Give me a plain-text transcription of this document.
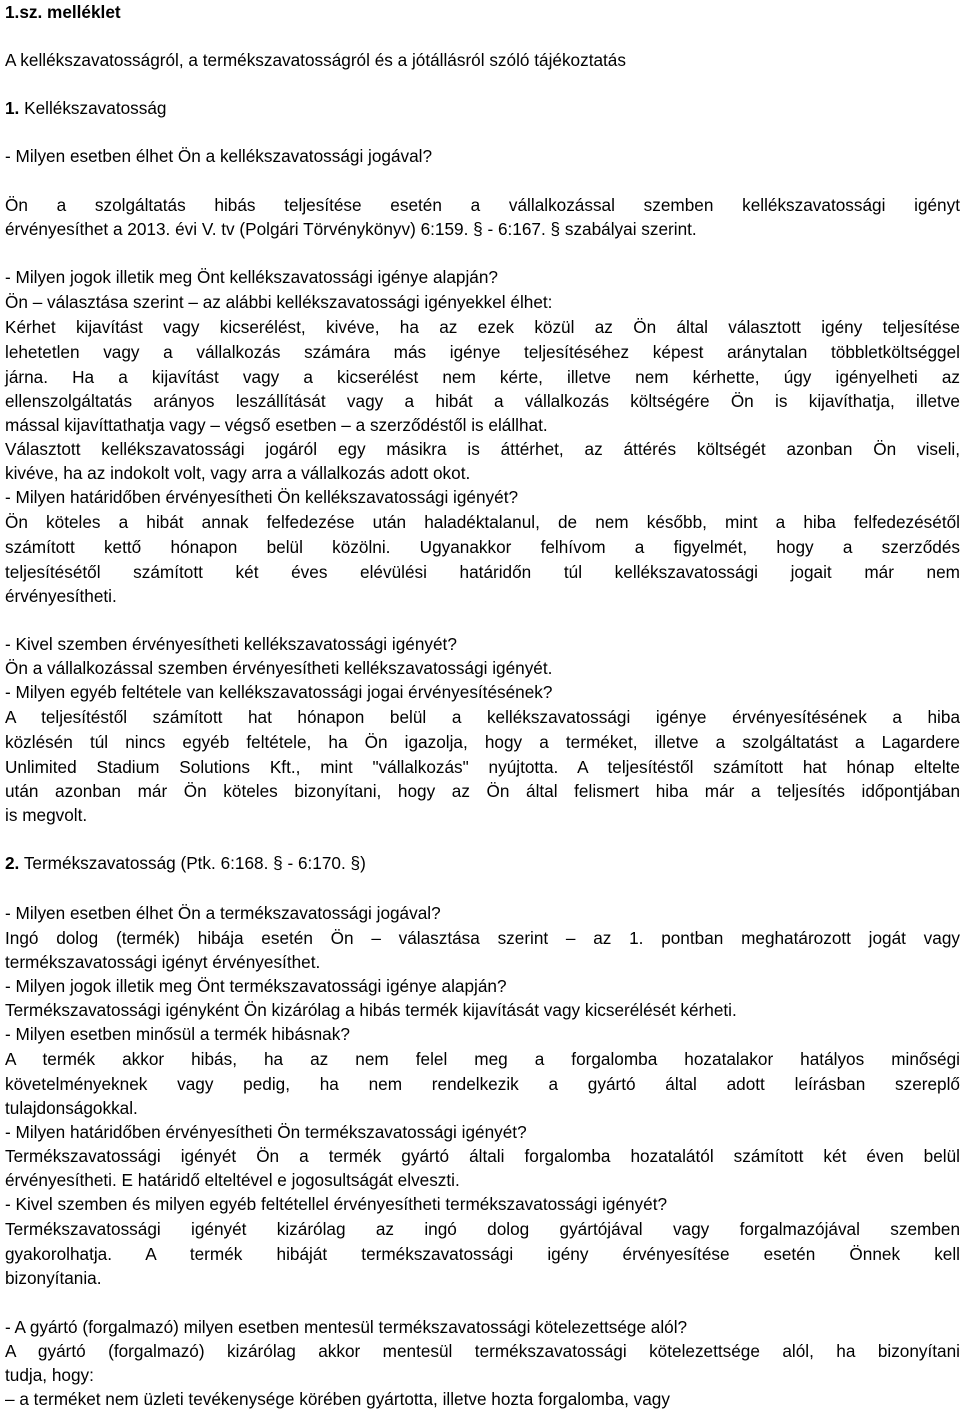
1.sz. melléklet
A kellékszavatosságról, a termékszavatosságról és a jótállásról szóló tájékoztatás
1. Kellékszavatosság
- Milyen esetben élhet Ön a kellékszavatossági jogával?
Ön a szolgáltatás hibás teljesítése esetén a vállalkozással szemben kellékszavatossági igényt
érvényesíthet a 2013. évi V. tv (Polgári Törvénykönyv) 6:159. § - 6:167. § szabályai szerint.
- Milyen jogok illetik meg Önt kellékszavatossági igénye alapján?
Ön – választása szerint – az alábbi kellékszavatossági igényekkel élhet:
Kérhet kijavítást vagy kicserélést, kivéve, ha az ezek közül az Ön által választott igény teljesítése
lehetetlen vagy a vállalkozás számára más igénye teljesítéséhez képest aránytalan többletköltséggel
járna. Ha a kijavítást vagy a kicserélést nem kérte, illetve nem kérhette, úgy igényelheti az
ellenszolgáltatás arányos leszállítását vagy a hibát a vállalkozás költségére Ön is kijavíthatja, illetve
mással kijavíttathatja vagy – végső esetben – a szerződéstől is elállhat.
Választott kellékszavatossági jogáról egy másikra is áttérhet, az áttérés költségét azonban Ön viseli,
kivéve, ha az indokolt volt, vagy arra a vállalkozás adott okot.
- Milyen határidőben érvényesítheti Ön kellékszavatossági igényét?
Ön köteles a hibát annak felfedezése után haladéktalanul, de nem később, mint a hiba felfedezésétől
számított kettő hónapon belül közölni. Ugyanakkor felhívom a figyelmét, hogy a szerződés
teljesítésétől számított két éves elévülési határidőn túl kellékszavatossági jogait már nem
érvényesítheti.
- Kivel szemben érvényesítheti kellékszavatossági igényét?
Ön a vállalkozással szemben érvényesítheti kellékszavatossági igényét.
- Milyen egyéb feltétele van kellékszavatossági jogai érvényesítésének?
A teljesítéstől számított hat hónapon belül a kellékszavatossági igénye érvényesítésének a hiba
közlésén túl nincs egyéb feltétele, ha Ön igazolja, hogy a terméket, illetve a szolgáltatást a Lagardere
Unlimited Stadium Solutions Kft., mint "vállalkozás" nyújtotta. A teljesítéstől számított hat hónap eltelte
után azonban már Ön köteles bizonyítani, hogy az Ön által felismert hiba már a teljesítés időpontjában
is megvolt.
2. Termékszavatosság (Ptk. 6:168. § - 6:170. §)
- Milyen esetben élhet Ön a termékszavatossági jogával?
Ingó dolog (termék) hibája esetén Ön – választása szerint – az 1. pontban meghatározott jogát vagy
termékszavatossági igényt érvényesíthet.
- Milyen jogok illetik meg Önt termékszavatossági igénye alapján?
Termékszavatossági igényként Ön kizárólag a hibás termék kijavítását vagy kicserélését kérheti.
- Milyen esetben minősül a termék hibásnak?
A termék akkor hibás, ha az nem felel meg a forgalomba hozatalakor hatályos minőségi
követelményeknek vagy pedig, ha nem rendelkezik a gyártó által adott leírásban szereplő
tulajdonságokkal.
- Milyen határidőben érvényesítheti Ön termékszavatossági igényét?
Termékszavatossági igényét Ön a termék gyártó általi forgalomba hozatalától számított két éven belül
érvényesítheti. E határidő elteltével e jogosultságát elveszti.
- Kivel szemben és milyen egyéb feltétellel érvényesítheti termékszavatossági igényét?
Termékszavatossági igényét kizárólag az ingó dolog gyártójával vagy forgalmazójával szemben
gyakorolhatja. A termék hibáját termékszavatossági igény érvényesítése esetén Önnek kell
bizonyítania.
- A gyártó (forgalmazó) milyen esetben mentesül termékszavatossági kötelezettsége alól?
A gyártó (forgalmazó) kizárólag akkor mentesül termékszavatossági kötelezettsége alól, ha bizonyítani
tudja, hogy:
– a terméket nem üzleti tevékenysége körében gyártotta, illetve hozta forgalomba, vagy
